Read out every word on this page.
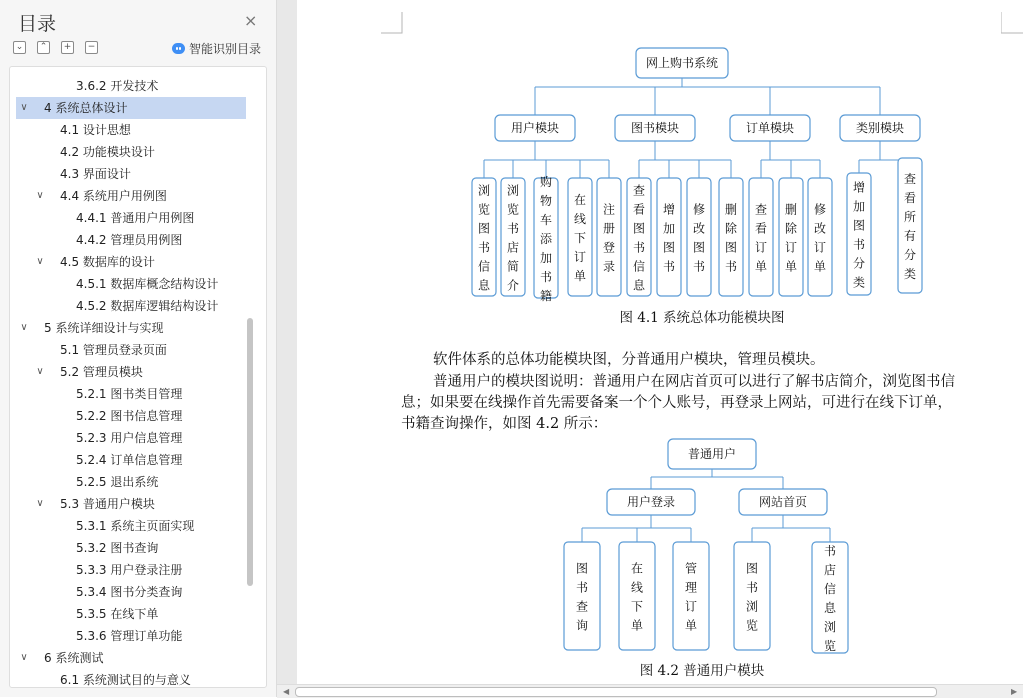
目录	×
⌄	⌃	+	−	智能识别目录
3.6.2 开发技术
∨ 4 系统总体设计
4.1 设计思想
4.2 功能模块设计
4.3 界面设计
∨ 4.4 系统用户用例图
4.4.1 普通用户用例图
4.4.2 管理员用例图
∨ 4.5 数据库的设计
4.5.1 数据库概念结构设计
4.5.2 数据库逻辑结构设计
∨ 5 系统详细设计与实现
5.1 管理员登录页面
∨ 5.2 管理员模块
5.2.1 图书类目管理
5.2.2 图书信息管理
5.2.3 用户信息管理
5.2.4 订单信息管理
5.2.5 退出系统
∨ 5.3 普通用户模块
5.3.1 系统主页面实现
5.3.2 图书查询
5.3.3 用户登录注册
5.3.4 图书分类查询
5.3.5 在线下单
5.3.6 管理订单功能
∨ 6 系统测试
6.1 系统测试目的与意义
网上购书系统
用户模块
浏
览
图
书
信
息
浏
览
书
店
简
介
购
物
车
添
加
书
籍
在
线
下
订
单
注
册
登
录
图书模块
查
看
图
书
信
息
增
加
图
书
修
改
图
书
删
除
图
书
订单模块
查
看
订
单
删
除
订
单
修
改
订
单
类别模块
增
加
图
书
分
类
查
看
所
有
分
类
图 4.1 系统总体功能模块图
普通用户
用户登录
图
书
查
询
在
线
下
单
管
理
订
单
网站首页
图
书
浏
览
书
店
信
息
浏
览
图 4.2 普通用户模块
软件体系的总体功能模块图，分普通用户模块，管理员模块。
普通用户的模块图说明：普通用户在网店首页可以进行了解书店简介，浏览图书信
息；如果要在线操作首先需要备案一个个人账号，再登录上网站，可进行在线下订单，
书籍查询操作，如图 4.2 所示：
◀	▶
